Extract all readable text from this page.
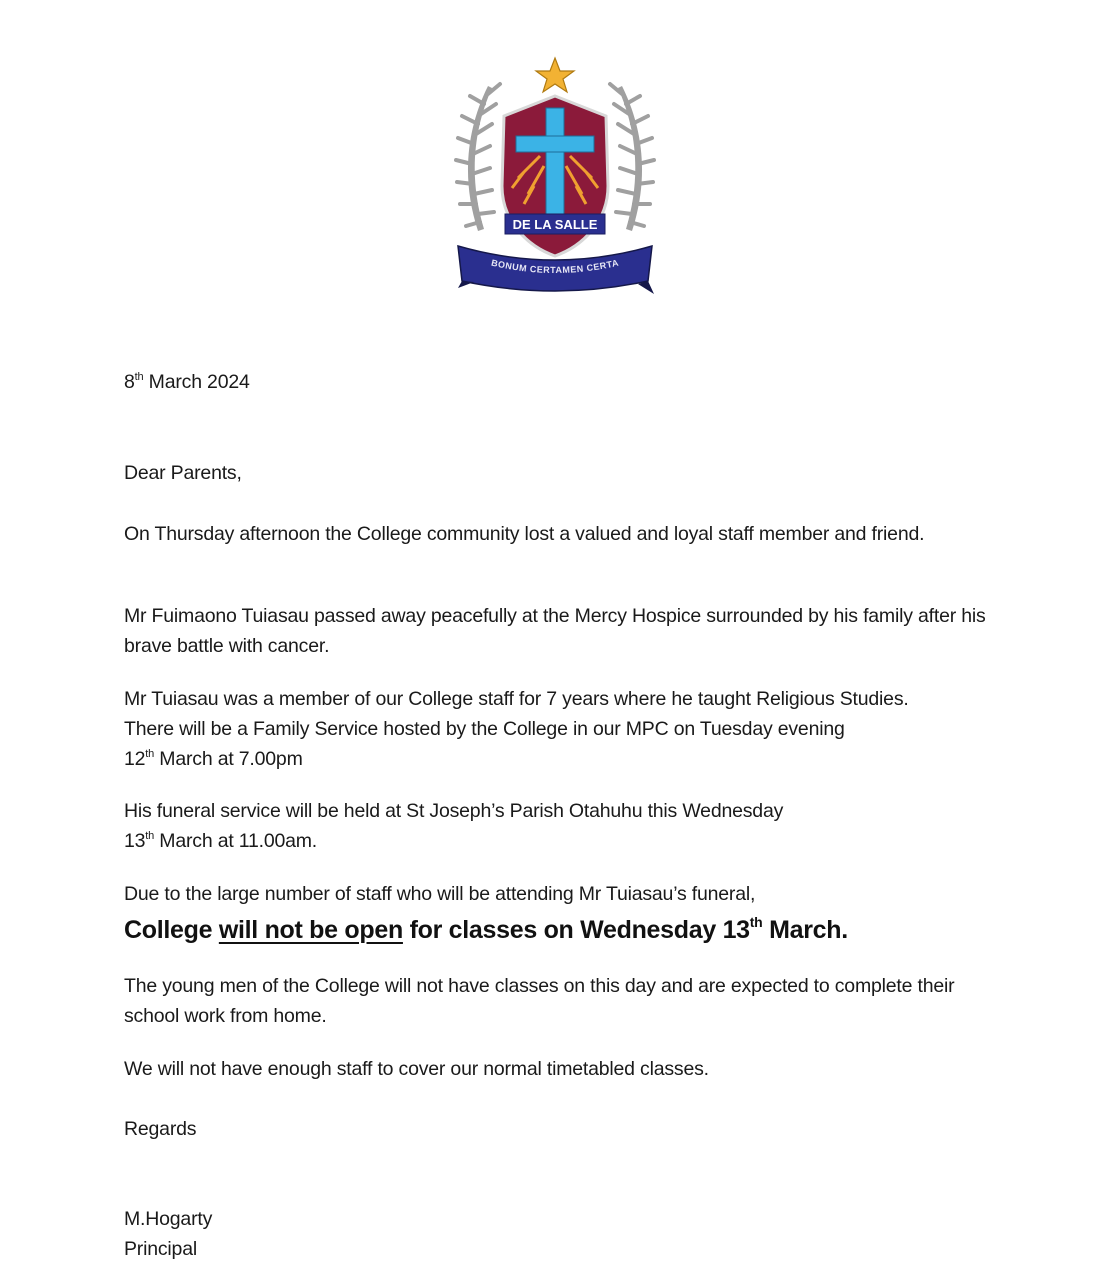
DE LA SALLE
BONUM CERTAMEN CERTA

8th March 2024

Dear Parents,

On Thursday afternoon the College community lost a valued and loyal staff member and friend.

Mr Fuimaono Tuiasau passed away peacefully at the Mercy Hospice surrounded by his family after his brave battle with cancer.

Mr Tuiasau was a member of our College staff for 7 years where he taught Religious Studies.

There will be a Family Service hosted by the College in our MPC on Tuesday evening

12th March at 7.00pm

His funeral service will be held at St Joseph’s Parish Otahuhu this Wednesday

13th March at 11.00am.

Due to the large number of staff who will be attending Mr Tuiasau’s funeral,

College will not be open for classes on Wednesday 13th March.

The young men of the College will not have classes on this day and are expected to complete their school work from home.

We will not have enough staff to cover our normal timetabled classes.

Regards

M.Hogarty

Principal
